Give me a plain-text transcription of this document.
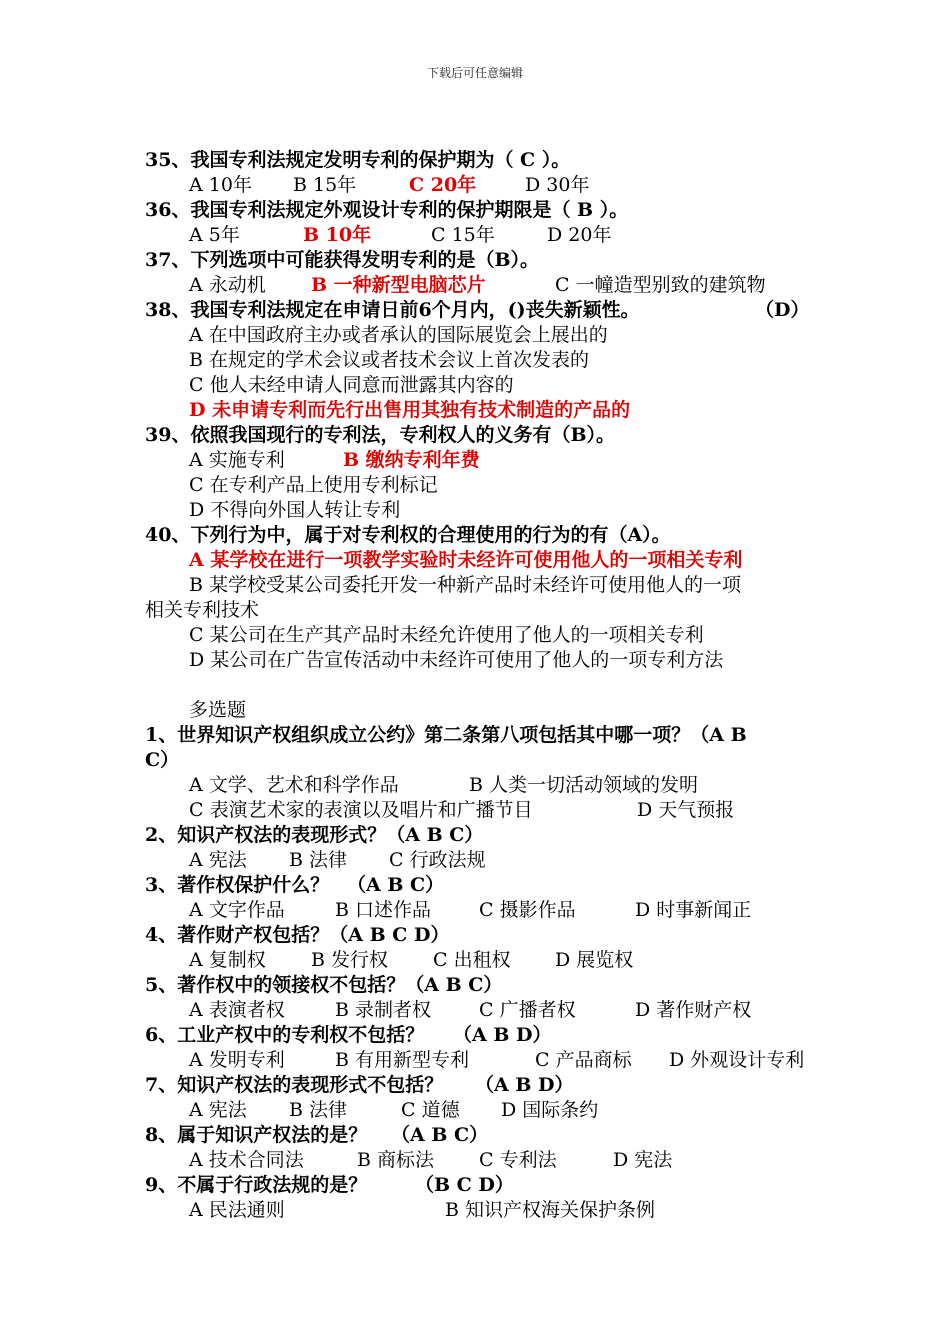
下载后可任意编辑
35、我国专利法规定发明专利的保护期为（ C ）。
A 10年 B 15年	C 20年	D 30年
36、我国专利法规定外观设计专利的保护期限是（ B ）。
A 5年	B 10年	C 15年	D 20年
37、下列选项中可能获得发明专利的是（B）。
A 永动机 B 一种新型电脑芯片	C 一幢造型别致的建筑物
38、我国专利法规定在申请日前6个月内，()丧失新颖性。	（D）
A 在中国政府主办或者承认的国际展览会上展出的
B 在规定的学术会议或者技术会议上首次发表的
C 他人未经申请人同意而泄露其内容的
D 未申请专利而先行出售用其独有技术制造的产品的
39、依照我国现行的专利法，专利权人的义务有（B）。
A 实施专利	B 缴纳专利年费
C 在专利产品上使用专利标记
D 不得向外国人转让专利
40、下列行为中，属于对专利权的合理使用的行为的有（A）。
A 某学校在进行一项教学实验时未经许可使用他人的一项相关专利
B 某学校受某公司委托开发一种新产品时未经许可使用他人的一项
相关专利技术
C 某公司在生产其产品时未经允许使用了他人的一项相关专利
D 某公司在广告宣传活动中未经许可使用了他人的一项专利方法
多选题
1、世界知识产权组织成立公约》第二条第八项包括其中哪一项？（A B
C）
A 文学、艺术和科学作品	B 人类一切活动领域的发明
C 表演艺术家的表演以及唱片和广播节目	D 天气预报
2、知识产权法的表现形式？（A B C）
A 宪法 B 法律 C 行政法规
3、著作权保护什么？ （A B C）
A 文字作品	B 口述作品	C 摄影作品	D 时事新闻正
4、著作财产权包括？（A B C D）
A 复制权 B 发行权 C 出租权 D 展览权
5、著作权中的领接权不包括？（A B C）
A 表演者权	B 录制者权	C 广播者权	D 著作财产权
6、工业产权中的专利权不包括？ （A B D）
A 发明专利	B 有用新型专利	C 产品商标 D 外观设计专利
7、知识产权法的表现形式不包括？ （A B D）
A 宪法 B 法律	C 道德 D 国际条约
8、属于知识产权法的是？ （A B C）
A 技术合同法	B 商标法 C 专利法	D 宪法
9、不属于行政法规的是？	（B C D）
A 民法通则	B 知识产权海关保护条例
